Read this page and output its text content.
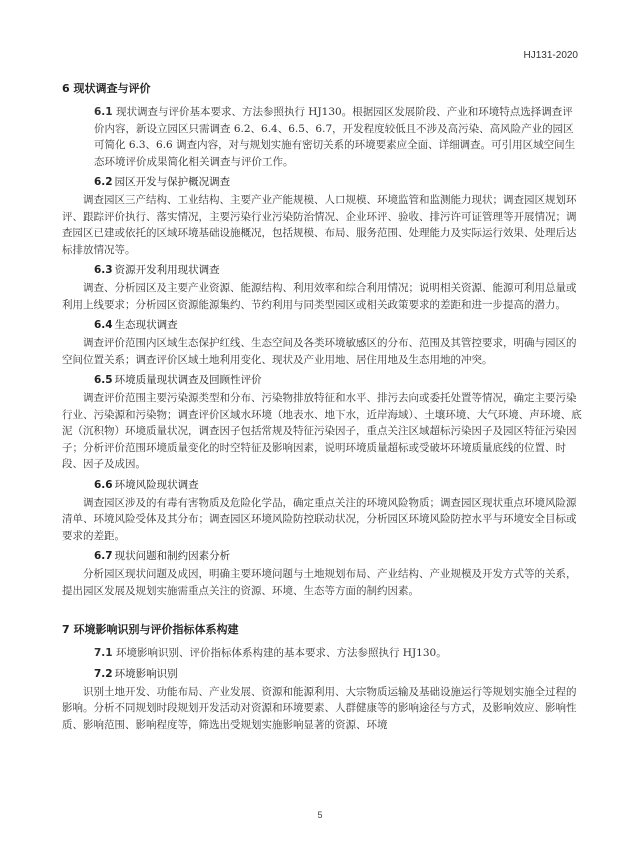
HJ131-2020
6 现状调查与评价
6.1 现状调查与评价基本要求、方法参照执行 HJ130。根据园区发展阶段、产业和环境特点选择调查评价内容，新设立园区只需调查 6.2、6.4、6.5、6.7，开发程度较低且不涉及高污染、高风险产业的园区可简化 6.3、6.6 调查内容，对与规划实施有密切关系的环境要素应全面、详细调查。可引用区域空间生态环境评价成果简化相关调查与评价工作。
6.2 园区开发与保护概况调查
调查园区三产结构、工业结构、主要产业产能规模、人口规模、环境监管和监测能力现状；调查园区规划环评、跟踪评价执行、落实情况，主要污染行业污染防治情况、企业环评、验收、排污许可证管理等开展情况；调查园区已建或依托的区域环境基础设施概况，包括规模、布局、服务范围、处理能力及实际运行效果、处理后达标排放情况等。
6.3 资源开发利用现状调查
调查、分析园区及主要产业资源、能源结构、利用效率和综合利用情况；说明相关资源、能源可利用总量或利用上线要求；分析园区资源能源集约、节约利用与同类型园区或相关政策要求的差距和进一步提高的潜力。
6.4 生态现状调查
调查评价范围内区域生态保护红线、生态空间及各类环境敏感区的分布、范围及其管控要求，明确与园区的空间位置关系；调查评价区域土地利用变化、现状及产业用地、居住用地及生态用地的冲突。
6.5 环境质量现状调查及回顾性评价
调查评价范围主要污染源类型和分布、污染物排放特征和水平、排污去向或委托处置等情况，确定主要污染行业、污染源和污染物；调查评价区域水环境（地表水、地下水，近岸海域）、土壤环境、大气环境、声环境、底泥（沉积物）环境质量状况，调查因子包括常规及特征污染因子，重点关注区域超标污染因子及园区特征污染因子；分析评价范围环境质量变化的时空特征及影响因素，说明环境质量超标或受破坏环境质量底线的位置、时段、因子及成因。
6.6 环境风险现状调查
调查园区涉及的有毒有害物质及危险化学品，确定重点关注的环境风险物质；调查园区现状重点环境风险源清单、环境风险受体及其分布；调查园区环境风险防控联动状况，分析园区环境风险防控水平与环境安全目标或要求的差距。
6.7 现状问题和制约因素分析
分析园区现状问题及成因，明确主要环境问题与土地规划布局、产业结构、产业规模及开发方式等的关系，提出园区发展及规划实施需重点关注的资源、环境、生态等方面的制约因素。
7 环境影响识别与评价指标体系构建
7.1 环境影响识别、评价指标体系构建的基本要求、方法参照执行 HJ130。
7.2 环境影响识别
识别土地开发、功能布局、产业发展、资源和能源利用、大宗物质运输及基础设施运行等规划实施全过程的影响。分析不同规划时段规划开发活动对资源和环境要素、人群健康等的影响途径与方式，及影响效应、影响性质、影响范围、影响程度等，筛选出受规划实施影响显著的资源、环境
5
